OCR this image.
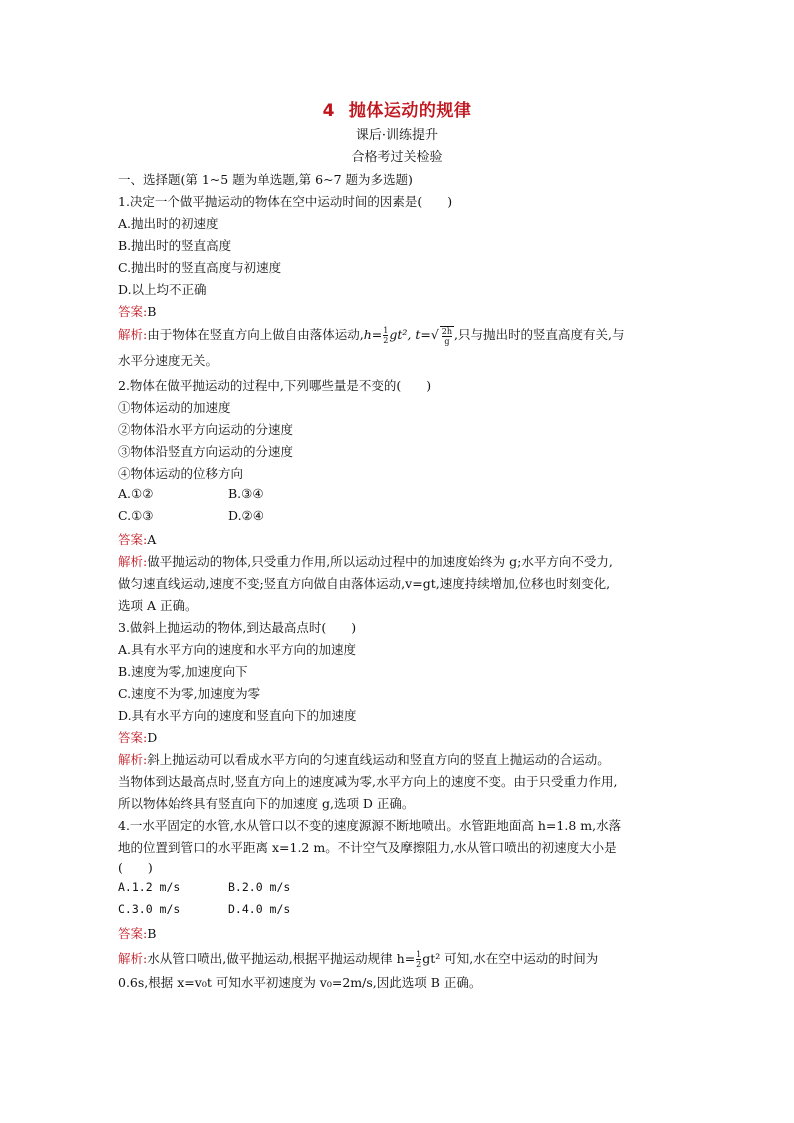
4 抛体运动的规律
课后·训练提升
合格考过关检验
一、选择题(第 1~5 题为单选题,第 6~7 题为多选题)
1.决定一个做平抛运动的物体在空中运动时间的因素是(　　)
A.抛出时的初速度
B.抛出时的竖直高度
C.抛出时的竖直高度与初速度
D.以上均不正确
答案:B
解析:由于物体在竖直方向上做自由落体运动$,h= \frac{1}{2} gt^2$, $t=√ \frac{2h}{g}$ ,只与抛出时的竖直高度有关,与
水平分速度无关。
2.物体在做平抛运动的过程中,下列哪些量是不变的(　　)
①物体运动的加速度
②物体沿水平方向运动的分速度
③物体沿竖直方向运动的分速度
④物体运动的位移方向
A.①②	B.③④
C.①③	D.②④
答案:A
解析:做平抛运动的物体,只受重力作用,所以运动过程中的加速度始终为 g;水平方向不受力,
做匀速直线运动,速度不变;竖直方向做自由落体运动,v=gt,速度持续增加,位移也时刻变化,
选项 A 正确。
3.做斜上抛运动的物体,到达最高点时(　　)
A.具有水平方向的速度和水平方向的加速度
B.速度为零,加速度向下
C.速度不为零,加速度为零
D.具有水平方向的速度和竖直向下的加速度
答案:D
解析:斜上抛运动可以看成水平方向的匀速直线运动和竖直方向的竖直上抛运动的合运动。
当物体到达最高点时,竖直方向上的速度减为零,水平方向上的速度不变。由于只受重力作用,
所以物体始终具有竖直向下的加速度 g,选项 D 正确。
4.一水平固定的水管,水从管口以不变的速度源源不断地喷出。水管距地面高 h=1.8 m,水落
地的位置到管口的水平距离 x=1.2 m。不计空气及摩擦阻力,水从管口喷出的初速度大小是
(　　)
A.1.2 m/s	B.2.0 m/s
C.3.0 m/s	D.4.0 m/s
答案:B
解析:水从管口喷出,做平抛运动,根据平抛运动规律 $h= \frac{1}{2} gt^2$ 可知,水在空中运动的时间为
0.6s,根据 x=v₀t 可知水平初速度为 v₀=2m/s,因此选项 B 正确。
